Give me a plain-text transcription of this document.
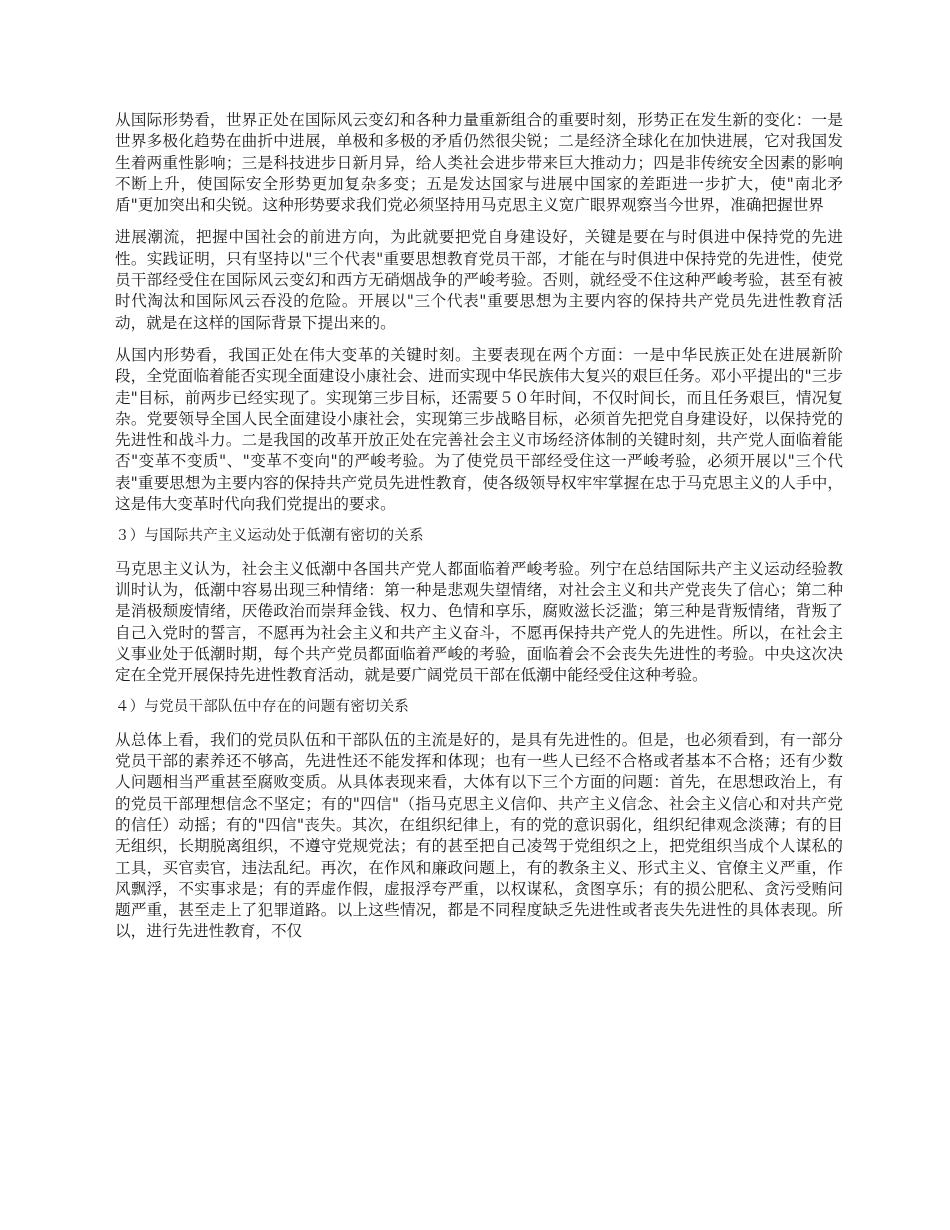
从国际形势看，世界正处在国际风云变幻和各种力量重新组合的重要时刻，形势正在发生新的变化：一是世界多极化趋势在曲折中进展，单极和多极的矛盾仍然很尖锐；二是经济全球化在加快进展，它对我国发生着两重性影响；三是科技进步日新月异，给人类社会进步带来巨大推动力；四是非传统安全因素的影响不断上升，使国际安全形势更加复杂多变；五是发达国家与进展中国家的差距进一步扩大，使"南北矛盾"更加突出和尖锐。这种形势要求我们党必须坚持用马克思主义宽广眼界观察当今世界，准确把握世界

进展潮流，把握中国社会的前进方向，为此就要把党自身建设好，关键是要在与时俱进中保持党的先进性。实践证明，只有坚持以"三个代表"重要思想教育党员干部，才能在与时俱进中保持党的先进性，使党员干部经受住在国际风云变幻和西方无硝烟战争的严峻考验。否则，就经受不住这种严峻考验，甚至有被时代淘汰和国际风云吞没的危险。开展以"三个代表"重要思想为主要内容的保持共产党员先进性教育活动，就是在这样的国际背景下提出来的。

从国内形势看，我国正处在伟大变革的关键时刻。主要表现在两个方面：一是中华民族正处在进展新阶段，全党面临着能否实现全面建设小康社会、进而实现中华民族伟大复兴的艰巨任务。邓小平提出的"三步走"目标，前两步已经实现了。实现第三步目标，还需要５０年时间，不仅时间长，而且任务艰巨，情况复杂。党要领导全国人民全面建设小康社会，实现第三步战略目标，必须首先把党自身建设好，以保持党的先进性和战斗力。二是我国的改革开放正处在完善社会主义市场经济体制的关键时刻，共产党人面临着能否"变革不变质"、"变革不变向"的严峻考验。为了使党员干部经受住这一严峻考验，必须开展以"三个代表"重要思想为主要内容的保持共产党员先进性教育，使各级领导权牢牢掌握在忠于马克思主义的人手中，这是伟大变革时代向我们党提出的要求。

３）与国际共产主义运动处于低潮有密切的关系

马克思主义认为，社会主义低潮中各国共产党人都面临着严峻考验。列宁在总结国际共产主义运动经验教训时认为，低潮中容易出现三种情绪：第一种是悲观失望情绪，对社会主义和共产党丧失了信心；第二种是消极颓废情绪，厌倦政治而崇拜金钱、权力、色情和享乐，腐败滋长泛滥；第三种是背叛情绪，背叛了自己入党时的誓言，不愿再为社会主义和共产主义奋斗，不愿再保持共产党人的先进性。所以，在社会主义事业处于低潮时期，每个共产党员都面临着严峻的考验，面临着会不会丧失先进性的考验。中央这次决定在全党开展保持先进性教育活动，就是要广阔党员干部在低潮中能经受住这种考验。

４）与党员干部队伍中存在的问题有密切关系

从总体上看，我们的党员队伍和干部队伍的主流是好的，是具有先进性的。但是，也必须看到，有一部分党员干部的素养还不够高，先进性还不能发挥和体现；也有一些人已经不合格或者基本不合格；还有少数人问题相当严重甚至腐败变质。从具体表现来看，大体有以下三个方面的问题：首先，在思想政治上，有的党员干部理想信念不坚定；有的"四信"（指马克思主义信仰、共产主义信念、社会主义信心和对共产党的信任）动摇；有的"四信"丧失。其次，在组织纪律上，有的党的意识弱化，组织纪律观念淡薄；有的目无组织，长期脱离组织，不遵守党规党法；有的甚至把自己凌驾于党组织之上，把党组织当成个人谋私的工具，买官卖官，违法乱纪。再次，在作风和廉政问题上，有的教条主义、形式主义、官僚主义严重，作风飘浮，不实事求是；有的弄虚作假，虚报浮夸严重，以权谋私，贪图享乐；有的损公肥私、贪污受贿问题严重，甚至走上了犯罪道路。以上这些情况，都是不同程度缺乏先进性或者丧失先进性的具体表现。所以，进行先进性教育，不仅
